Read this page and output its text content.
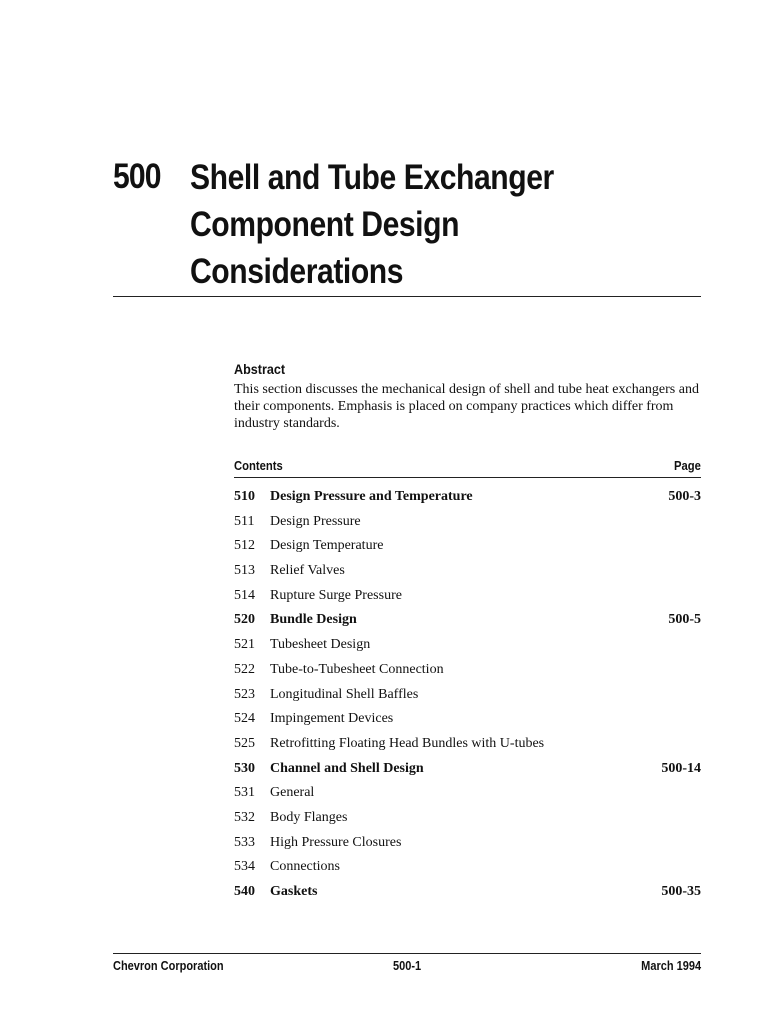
500 Shell and Tube Exchanger
Component Design
Considerations
Abstract
This section discusses the mechanical design of shell and tube heat exchangers and their components. Emphasis is placed on company practices which differ from industry standards.
Contents	Page
510 Design Pressure and Temperature	500-3
511 Design Pressure
512 Design Temperature
513 Relief Valves
514 Rupture Surge Pressure
520 Bundle Design	500-5
521 Tubesheet Design
522 Tube-to-Tubesheet Connection
523 Longitudinal Shell Baffles
524 Impingement Devices
525 Retrofitting Floating Head Bundles with U-tubes
530 Channel and Shell Design	500-14
531 General
532 Body Flanges
533 High Pressure Closures
534 Connections
540 Gaskets	500-35
Chevron Corporation	500-1	March 1994
